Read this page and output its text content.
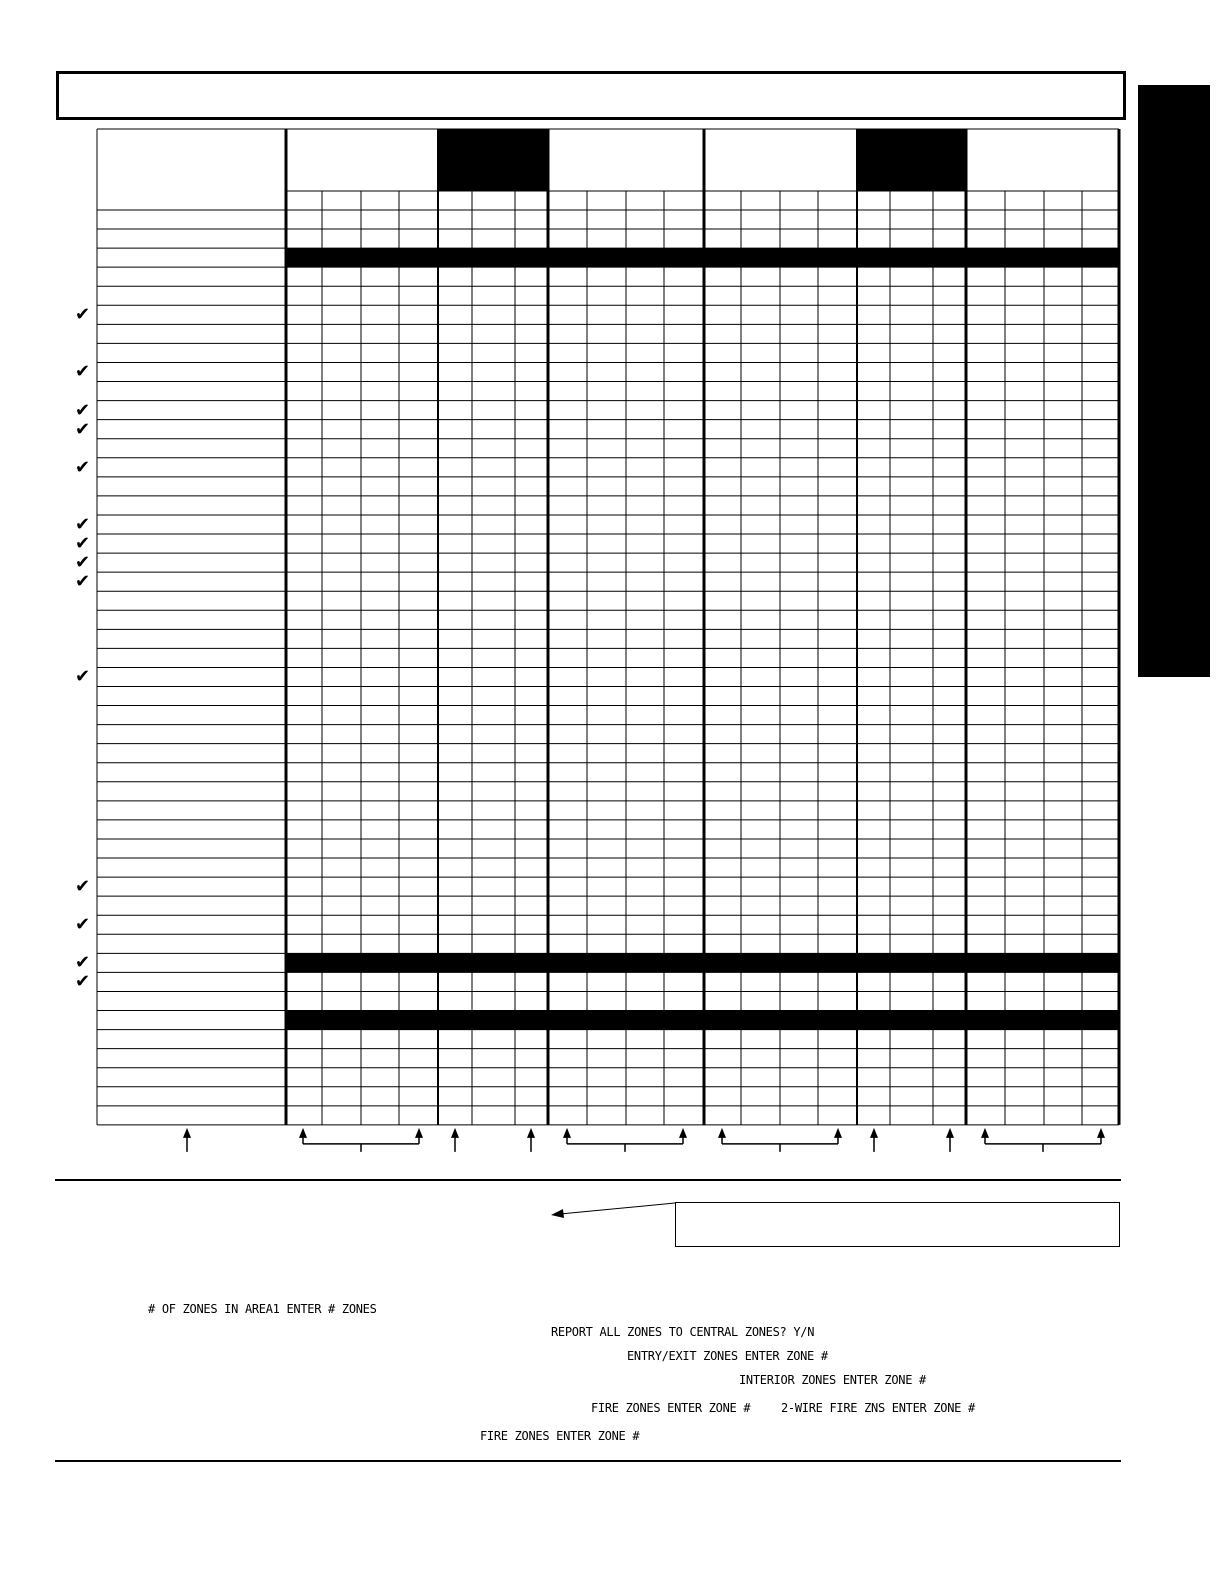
✔
✔
✔
✔
✔
✔
✔
✔
✔
✔
✔
✔
✔
✔
# OF ZONES IN AREA1 ENTER # ZONES
REPORT ALL ZONES TO CENTRAL ZONES? Y/N
ENTRY/EXIT ZONES ENTER ZONE #
INTERIOR ZONES ENTER ZONE #
FIRE ZONES ENTER ZONE #	2-WIRE FIRE ZNS ENTER ZONE #
FIRE ZONES ENTER ZONE #
